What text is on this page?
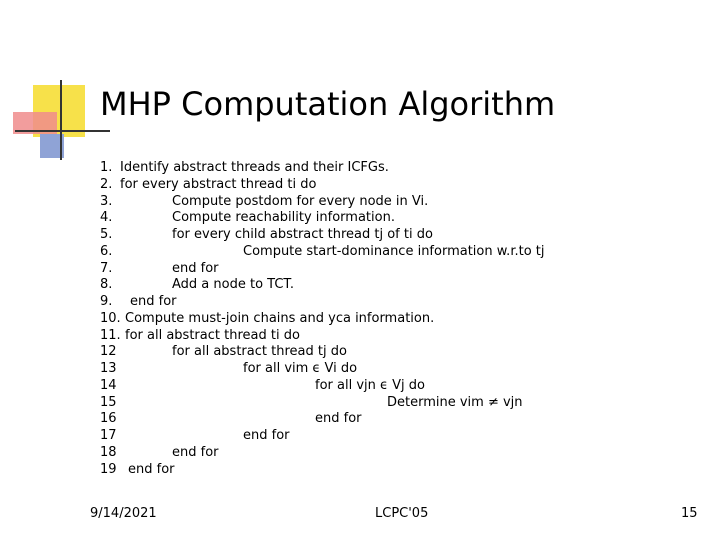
MHP Computation Algorithm
1. Identify abstract threads and their ICFGs.
2. for every abstract thread ti do
3.	Compute postdom for every node in Vi.
4.	Compute reachability information.
5.	for every child abstract thread tj of ti do
6.	Compute start-dominance information w.r.to tj
7.	end for
8.	Add a node to TCT.
9. end for
10. Compute must-join chains and yca information.
11. for all abstract thread ti do
12	for all abstract thread tj do
13	for all vim ϵ Vi do
14	for all vjn ϵ Vj do
15	Determine vim ≠ vjn
16	end for
17	end for
18	end for
19 end for
9/14/2021	LCPC'05	15
